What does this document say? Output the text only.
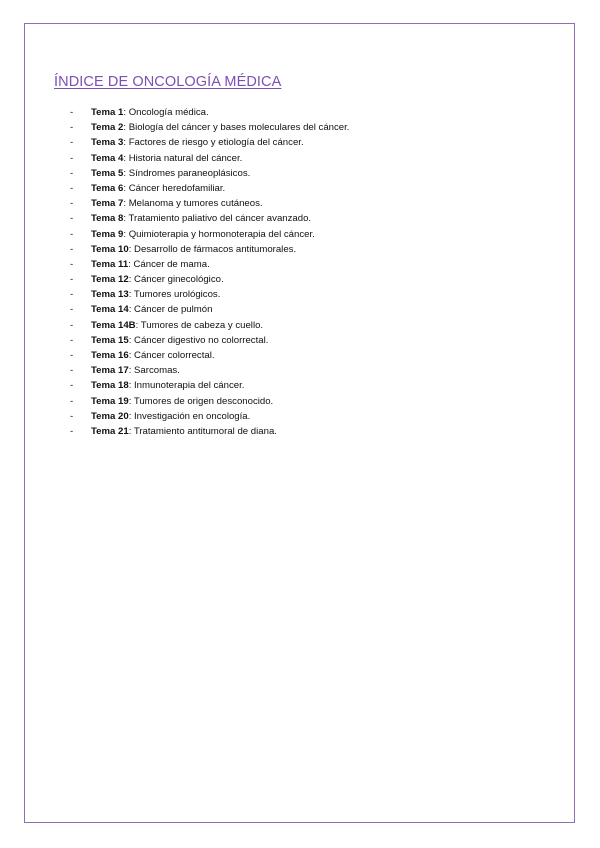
ÍNDICE DE ONCOLOGÍA MÉDICA
- Tema 1: Oncología médica.
- Tema 2: Biología del cáncer y bases moleculares del cáncer.
- Tema 3: Factores de riesgo y etiología del cáncer.
- Tema 4: Historia natural del cáncer.
- Tema 5: Síndromes paraneoplásicos.
- Tema 6: Cáncer heredofamiliar.
- Tema 7: Melanoma y tumores cutáneos.
- Tema 8: Tratamiento paliativo del cáncer avanzado.
- Tema 9: Quimioterapia y hormonoterapia del cáncer.
- Tema 10: Desarrollo de fármacos antitumorales.
- Tema 11: Cáncer de mama.
- Tema 12: Cáncer ginecológico.
- Tema 13: Tumores urológicos.
- Tema 14: Cáncer de pulmón
- Tema 14B: Tumores de cabeza y cuello.
- Tema 15: Cáncer digestivo no colorrectal.
- Tema 16: Cáncer colorrectal.
- Tema 17: Sarcomas.
- Tema 18: Inmunoterapia del cáncer.
- Tema 19: Tumores de origen desconocido.
- Tema 20: Investigación en oncología.
- Tema 21: Tratamiento antitumoral de diana.
